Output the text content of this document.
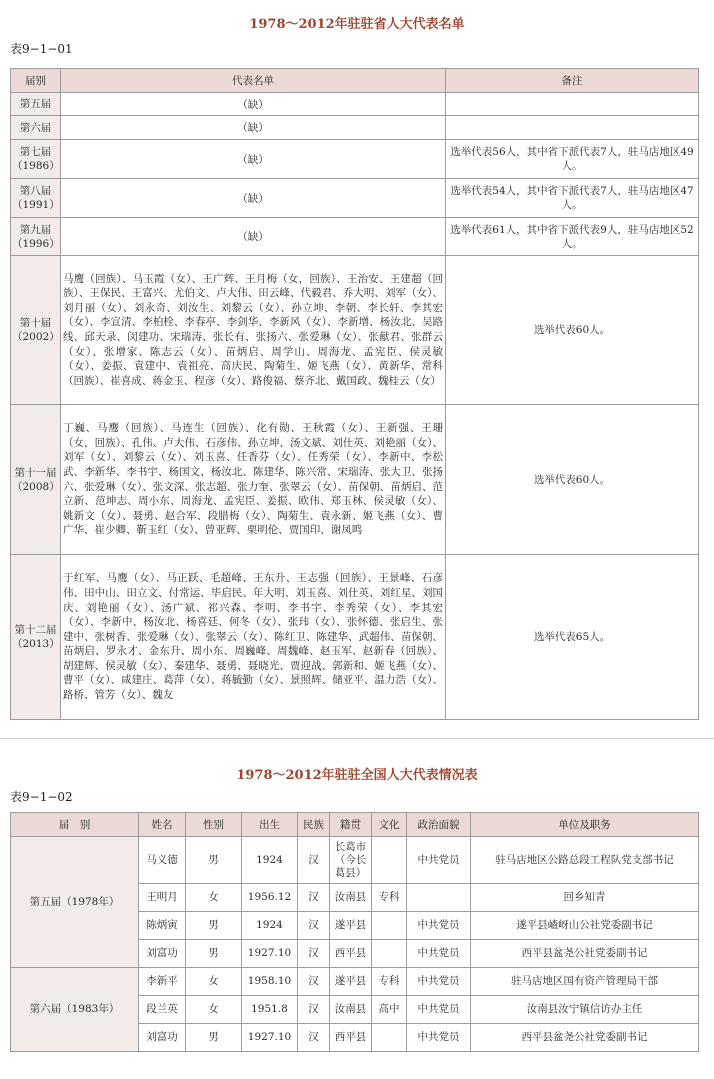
1978～2012年驻驻省人大代表名单
表9−1−01
届别	代表名单	备注

第五届	（缺）	

第六届	（缺）	

第七届
（1986）	（缺）	选举代表56人，其中省下派代表7人，驻马店地区49人。

第八届
（1991）	（缺）	选举代表54人，其中省下派代表7人，驻马店地区47人。

第九届
（1996）	（缺）	选举代表61人，其中省下派代表9人，驻马店地区52人。

第十届
（2002）	马鹰（回族）、马玉霞（女）、王广辉、王月梅（女，回族）、王治安、王建超（回族）、王保民、王富兴、尤伯文、卢大伟、田云峰、代毅君、乔大明、刘军（女）、刘月丽（女）、刘永奇、刘汝生、刘黎云（女）、孙立坤、李朝、李长轩、李其宏（女）、李宣清、李柏栓、李春亭、李剑华、李新风（女）、李新增、杨汝北、吴路线、邱天录、闵建功、宋瑞涛、张长有、张扬六、张爱琳（女）、张献君、张群云（女）、张增家、陈志云（女）、苗炳启、周学山、周海龙、孟宪臣、侯灵敏（女）、姜振、袁建中、袁祖亮、高庆民、陶菊生、姬飞燕（女）、黄新华、常科（回族）、崔喜成、蒋金玉、程彦（女）、路俊福、蔡齐北、戴国政、魏桂云（女）	选举代表60人。

第十一届
（2008）	丁巍、马鹰（回族）、马连生（回族）、化有勋、王秋霞（女）、王新强、王珊（女，回族）、孔伟、卢大伟、石彦伟、孙立坤、汤文斌、刘仕英、刘艳丽（女）、刘军（女）、刘黎云（女）、刘玉喜、任香芬（女）、任秀荣（女）、李新中、李松武、李新华、李书宇、杨国文、杨汝北、陈建华、陈兴常、宋瑞涛、张大卫、张扬六、张爱琳（女）、张文深、张志超、张力奎、张翠云（女）、苗保朝、苗炳启、范立新、范坤志、周小东、周海龙、孟宪臣、姜振、欧伟、郑玉林、侯灵敏（女）、姚新文（女）、聂勇、赵合军、段腊梅（女）、陶菊生、袁永新、姬飞燕（女）、曹广华、崔少卿、靳玉红（女）、曾亚辉、栗明伦、贾国印、谢凤鸣	选举代表60人。

第十二届
（2013）	于红军、马鹰（女）、马正跃、毛超峰、王东升、王志强（回族）、王景峰、石彦伟、田中山、田立文、付常运、毕启民、年大明、刘玉喜、刘仕英、刘红星、刘国庆、刘艳丽（女）、汤广斌、祁兴森、李明、李书宇、李秀荣（女）、李其宏（女）、李新中、杨汝北、杨喜廷、何冬（女）、张玮（女）、张怀德、张启生、张建中、张树香、张爱琳（女）、张翠云（女）、陈红卫、陈建华、武超伟、苗保朝、苗炳启、罗永才、金东升、周小东、周巍峰、周魏峰、赵玉军、赵新春（回族）、胡建辉、侯灵敏（女）、秦建华、聂勇、聂晓光、贾迎战、郭新和、姬飞燕（女）、曹平（女）、咸建庄、葛萍（女）、蒋毓勤（女）、景照辉、储亚平、温力浩（女）、路桥、管芳（女）、魏友	选举代表65人。
1978～2012年驻驻全国人大代表情况表
表9−1−02
届　别	姓名	性别	出生	民族	籍贯	文化	政治面貌	单位及职务
第五届（1978年）	马义德	男	1924	汉	长葛市（今长葛县）		中共党员	驻马店地区公路总段工程队党支部书记
	王明月	女	1956.12	汉	汝南县	专科		回乡知青
	陈炳寅	男	1924	汉	遂平县		中共党员	遂平县嵖岈山公社党委副书记
	刘富功	男	1927.10	汉	西平县		中共党员	西平县盆尧公社党委副书记
第六届（1983年）	李新平	女	1958.10	汉	遂平县	专科	中共党员	驻马店地区国有资产管理局干部
	段兰英	女	1951.8	汉	汝南县	高中	中共党员	汝南县汝宁镇信访办主任
	刘富功	男	1927.10	汉	西平县		中共党员	西平县盆尧公社党委副书记
